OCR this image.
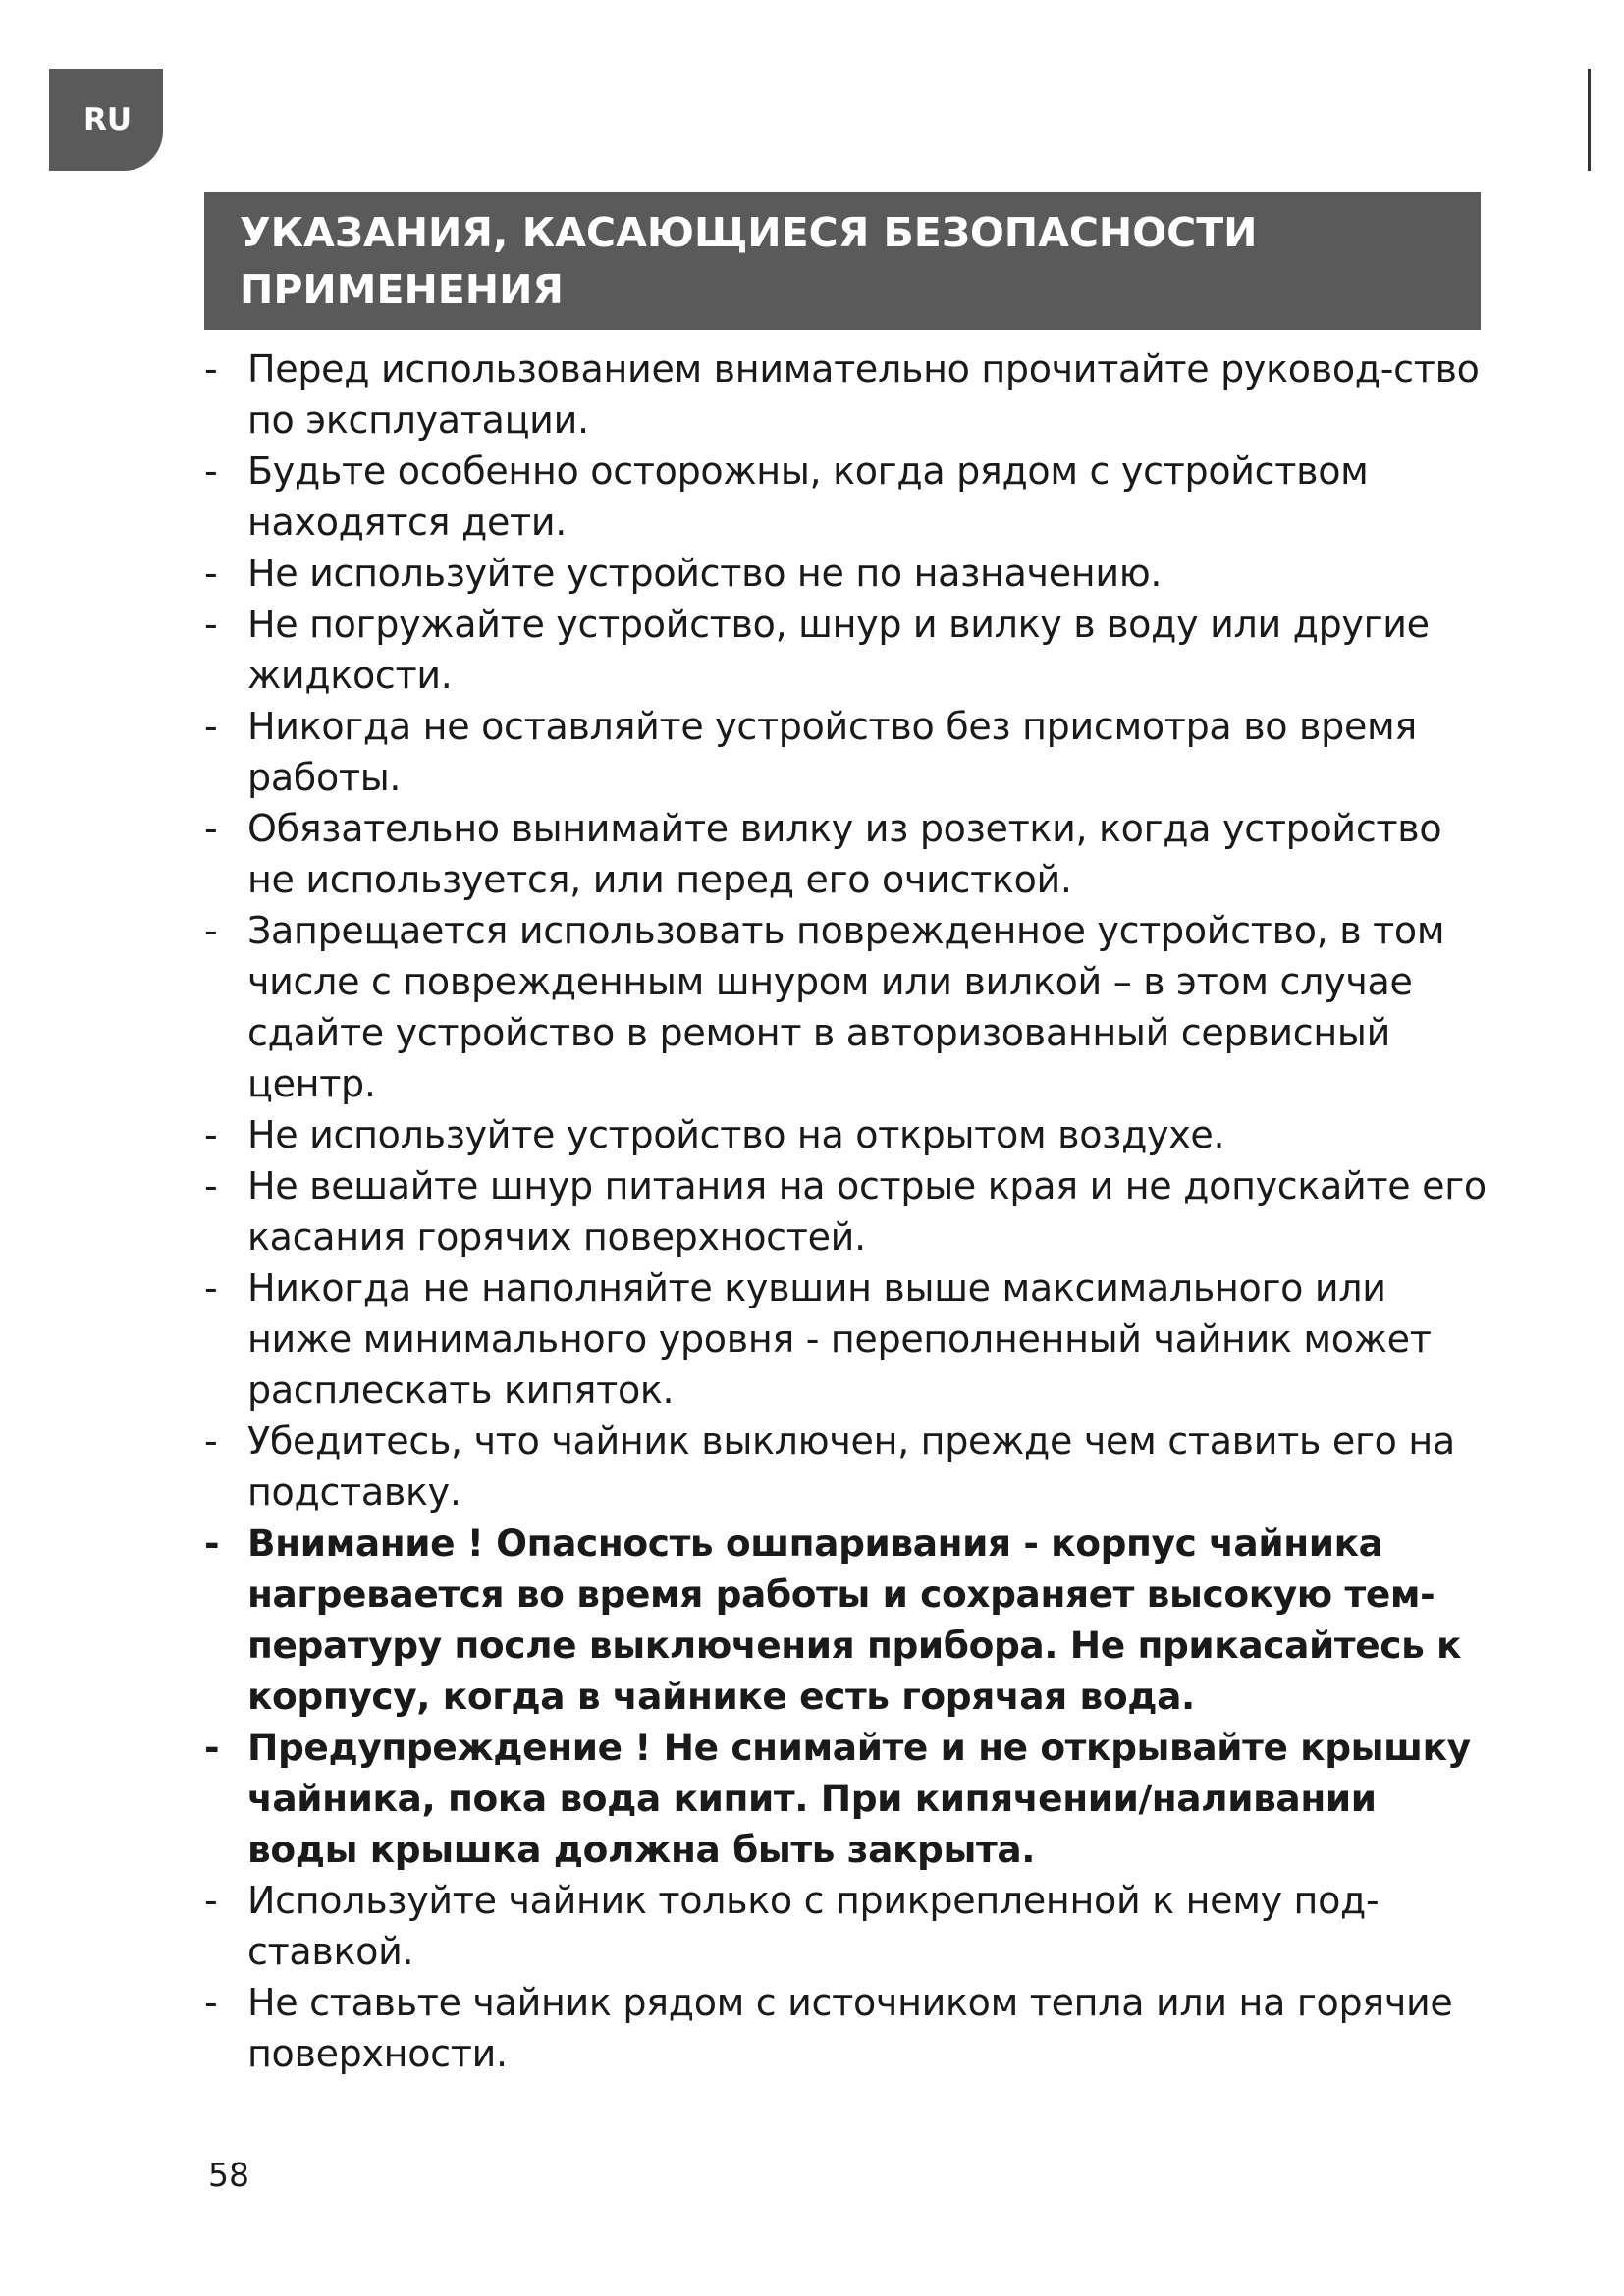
RU
УКАЗАНИЯ, КАСАЮЩИЕСЯ БЕЗОПАСНОСТИ
ПРИМЕНЕНИЯ

- Перед использованием внимательно прочитайте руковод-ство по эксплуатации.

- Будьте особенно осторожны, когда рядом с устройством находятся дети.

- Не используйте устройство не по назначению.

- Не погружайте устройство, шнур и вилку в воду или другие жидкости.

- Никогда не оставляйте устройство без присмотра во время работы.

- Обязательно вынимайте вилку из розетки, когда устройство не используется, или перед его очисткой.

- Запрещается использовать поврежденное устройство, в том числе с поврежденным шнуром или вилкой – в этом случае сдайте устройство в ремонт в авторизованный сервисный центр.

- Не используйте устройство на открытом воздухе.

- Не вешайте шнур питания на острые края и не допускайте его касания горячих поверхностей.

- Никогда не наполняйте кувшин выше максимального или ниже минимального уровня - переполненный чайник может расплескать кипяток.

- Убедитесь, что чайник выключен, прежде чем ставить его на подставку.

- Внимание ! Опасность ошпаривания - корпус чайника нагревается во время работы и сохраняет высокую тем-пературу после выключения прибора. Не прикасайтесь к корпусу, когда в чайнике есть горячая вода.

- Предупреждение ! Не снимайте и не открывайте крышку чайника, пока вода кипит. При кипячении/наливании воды крышка должна быть закрыта.

- Используйте чайник только с прикрепленной к нему под-ставкой.

- Не ставьте чайник рядом с источником тепла или на горячие поверхности.

58
